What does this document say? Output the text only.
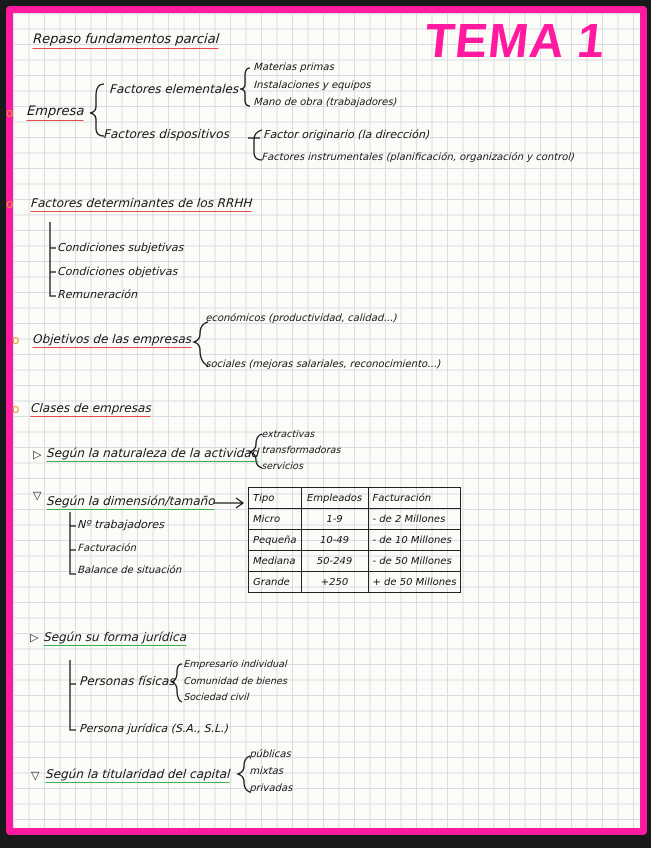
TEMA 1
Repaso fundamentos parcial
o Empresa
Factores elementales
Materias primas
Instalaciones y equipos
Mano de obra (trabajadores)
Factores dispositivos	Factor originario (la dirección)
Factores instrumentales (planificación, organización y control)
o Factores determinantes de los RRHH
Condiciones subjetivas
Condiciones objetivas
Remuneración
o Objetivos de las empresas
económicos (productividad, calidad...)
sociales (mejoras salariales, reconocimiento...)
o Clases de empresas
▷ Según la naturaleza de la actividad
extractivas
transformadoras
servicios
▽ Según la dimensión/tamaño
Nº trabajadores
Facturación
Balance de situación
Tipo	Empleados	Facturación
Micro	1-9	- de 2 Millones
Pequeña	10-49	- de 10 Millones
Mediana	50-249	- de 50 Millones
Grande	+250	+ de 50 Millones
▷ Según su forma jurídica
Personas físicas
Empresario individual
Comunidad de bienes
Sociedad civil
Persona jurídica (S.A., S.L.)
▽ Según la titularidad del capital
públicas
mixtas
privadas
